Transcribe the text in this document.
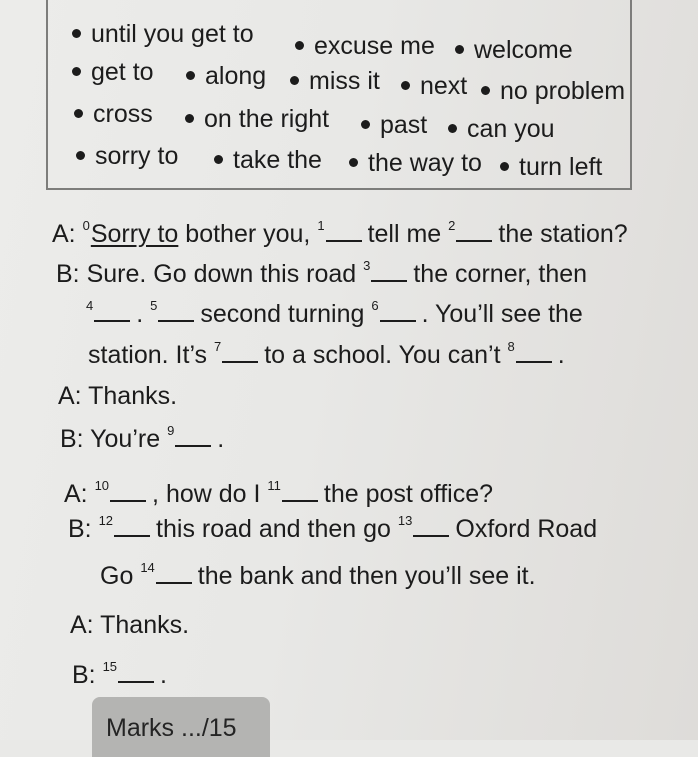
until you get to	excuse me	welcome
get to	along	miss it	next	no problem
cross	on the right	past	can you
sorry to	take the	the way to	turn left
A: $^0$Sorry to bother you, $^1$ tell me $^2$ the station?
B: Sure. Go down this road $^3$ the corner, then
$^4$ . $^5$ second turning $^6$ . You’ll see the
station. It’s $^7$ to a school. You can’t $^8$ .
A: Thanks.
B: You’re $^9$ .
A: $^{10}$ , how do I $^{11}$ the post office?
B: $^{12}$ this road and then go $^{13}$ Oxford Road
Go $^{14}$ the bank and then you’ll see it.
A: Thanks.
B: $^{15}$ .
Marks .../15
